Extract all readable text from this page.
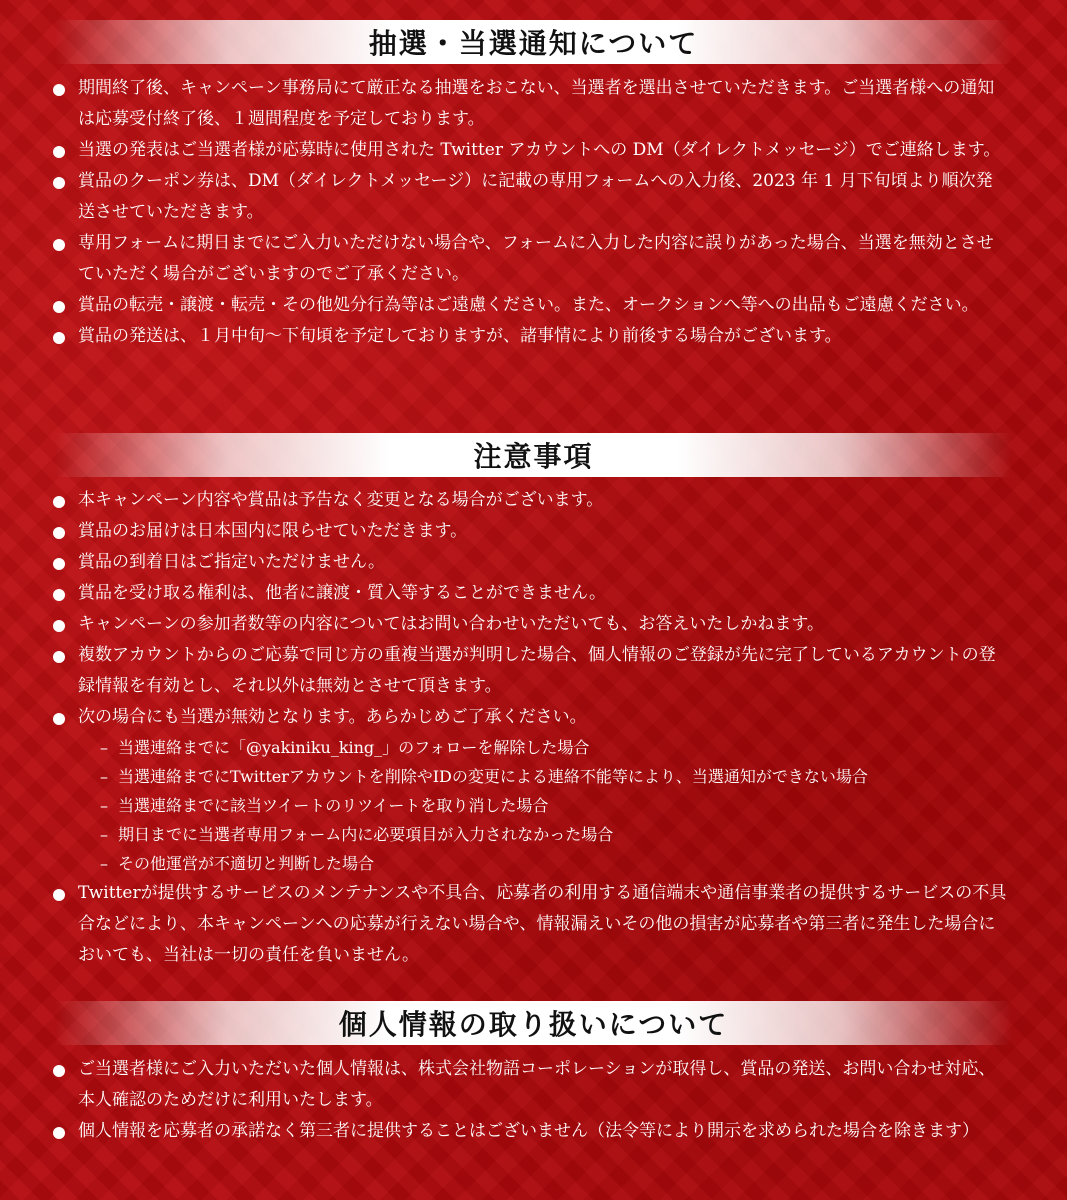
抽選・当選通知について
期間終了後、キャンペーン事務局にて厳正なる抽選をおこない、当選者を選出させていただきます。ご当選者様への通知は応募受付終了後、１週間程度を予定しております。
当選の発表はご当選者様が応募時に使用された Twitter アカウントへの DM（ダイレクトメッセージ）でご連絡します。
賞品のクーポン券は、DM（ダイレクトメッセージ）に記載の専用フォームへの入力後、2023 年 1 月下旬頃より順次発送させていただきます。
専用フォームに期日までにご入力いただけない場合や、フォームに入力した内容に誤りがあった場合、当選を無効とさせていただく場合がございますのでご了承ください。
賞品の転売・譲渡・転売・その他処分行為等はご遠慮ください。また、オークションへ等への出品もご遠慮ください。
賞品の発送は、１月中旬～下旬頃を予定しておりますが、諸事情により前後する場合がございます。
注意事項
本キャンペーン内容や賞品は予告なく変更となる場合がございます。
賞品のお届けは日本国内に限らせていただきます。
賞品の到着日はご指定いただけません。
賞品を受け取る権利は、他者に譲渡・質入等することができません。
キャンペーンの参加者数等の内容についてはお問い合わせいただいても、お答えいたしかねます。
複数アカウントからのご応募で同じ方の重複当選が判明した場合、個人情報のご登録が先に完了しているアカウントの登録情報を有効とし、それ以外は無効とさせて頂きます。
次の場合にも当選が無効となります。あらかじめご了承ください。
– 当選連絡までに「@yakiniku_king_」のフォローを解除した場合
– 当選連絡までにTwitterアカウントを削除やIDの変更による連絡不能等により、当選通知ができない場合
– 当選連絡までに該当ツイートのリツイートを取り消した場合
– 期日までに当選者専用フォーム内に必要項目が入力されなかった場合
– その他運営が不適切と判断した場合
Twitterが提供するサービスのメンテナンスや不具合、応募者の利用する通信端末や通信事業者の提供するサービスの不具合などにより、本キャンペーンへの応募が行えない場合や、情報漏えいその他の損害が応募者や第三者に発生した場合においても、当社は一切の責任を負いません。
個人情報の取り扱いについて
ご当選者様にご入力いただいた個人情報は、株式会社物語コーポレーションが取得し、賞品の発送、お問い合わせ対応、本人確認のためだけに利用いたします。
個人情報を応募者の承諾なく第三者に提供することはございません（法令等により開示を求められた場合を除きます）
